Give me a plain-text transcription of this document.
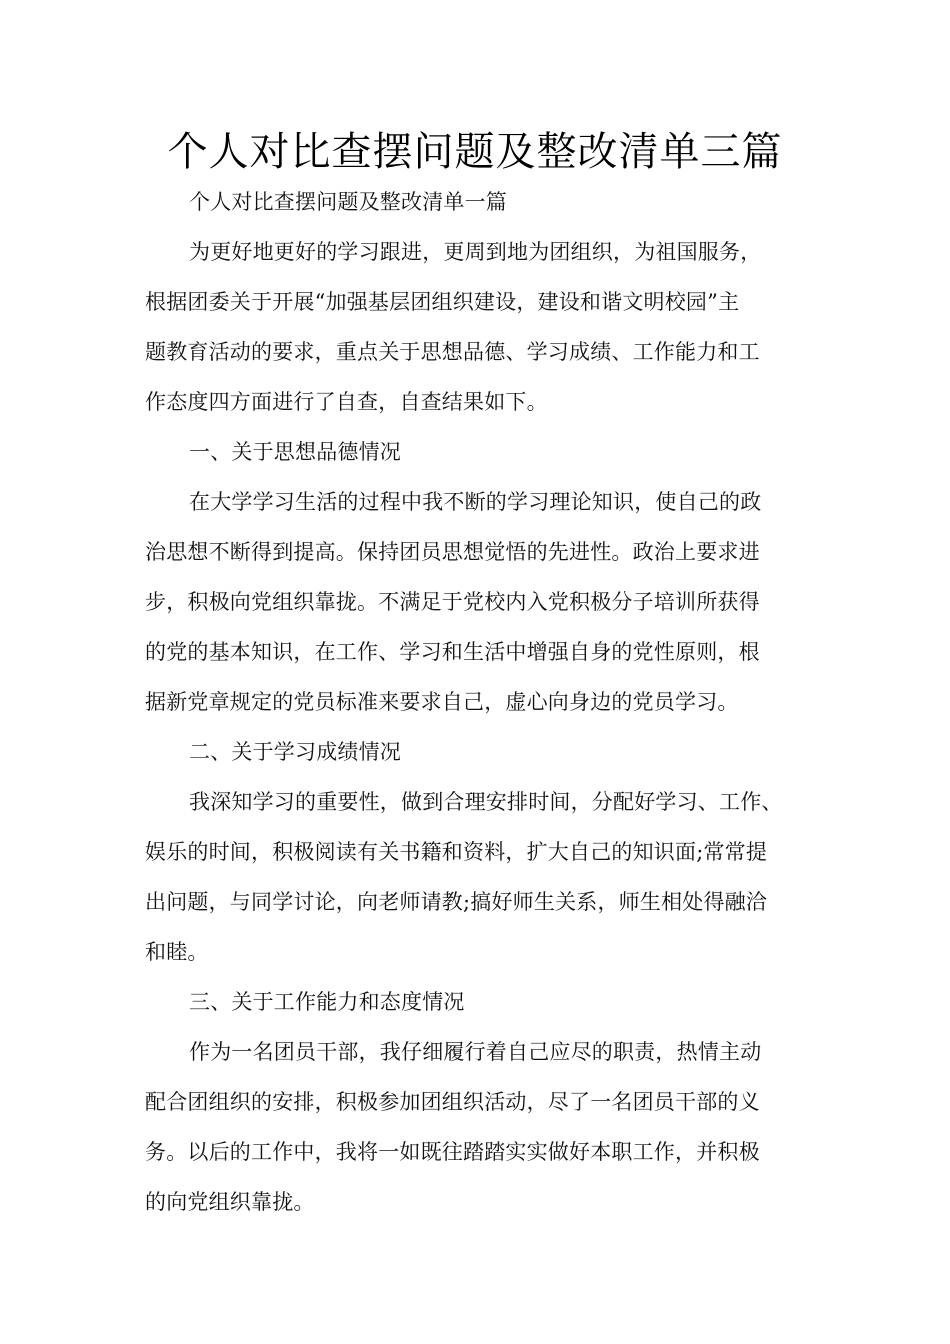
个人对比查摆问题及整改清单三篇
个人对比查摆问题及整改清单一篇
为更好地更好的学习跟进，更周到地为团组织，为祖国服务，
根据团委关于开展“加强基层团组织建设，建设和谐文明校园”主
题教育活动的要求，重点关于思想品德、学习成绩、工作能力和工
作态度四方面进行了自查，自查结果如下。
一、关于思想品德情况
在大学学习生活的过程中我不断的学习理论知识，使自己的政
治思想不断得到提高。保持团员思想觉悟的先进性。政治上要求进
步，积极向党组织靠拢。不满足于党校内入党积极分子培训所获得
的党的基本知识，在工作、学习和生活中增强自身的党性原则，根
据新党章规定的党员标准来要求自己，虚心向身边的党员学习。
二、关于学习成绩情况
我深知学习的重要性，做到合理安排时间，分配好学习、工作、
娱乐的时间，积极阅读有关书籍和资料，扩大自己的知识面;常常提
出问题，与同学讨论，向老师请教;搞好师生关系，师生相处得融洽
和睦。
三、关于工作能力和态度情况
作为一名团员干部，我仔细履行着自己应尽的职责，热情主动
配合团组织的安排，积极参加团组织活动，尽了一名团员干部的义
务。以后的工作中，我将一如既往踏踏实实做好本职工作，并积极
的向党组织靠拢。
